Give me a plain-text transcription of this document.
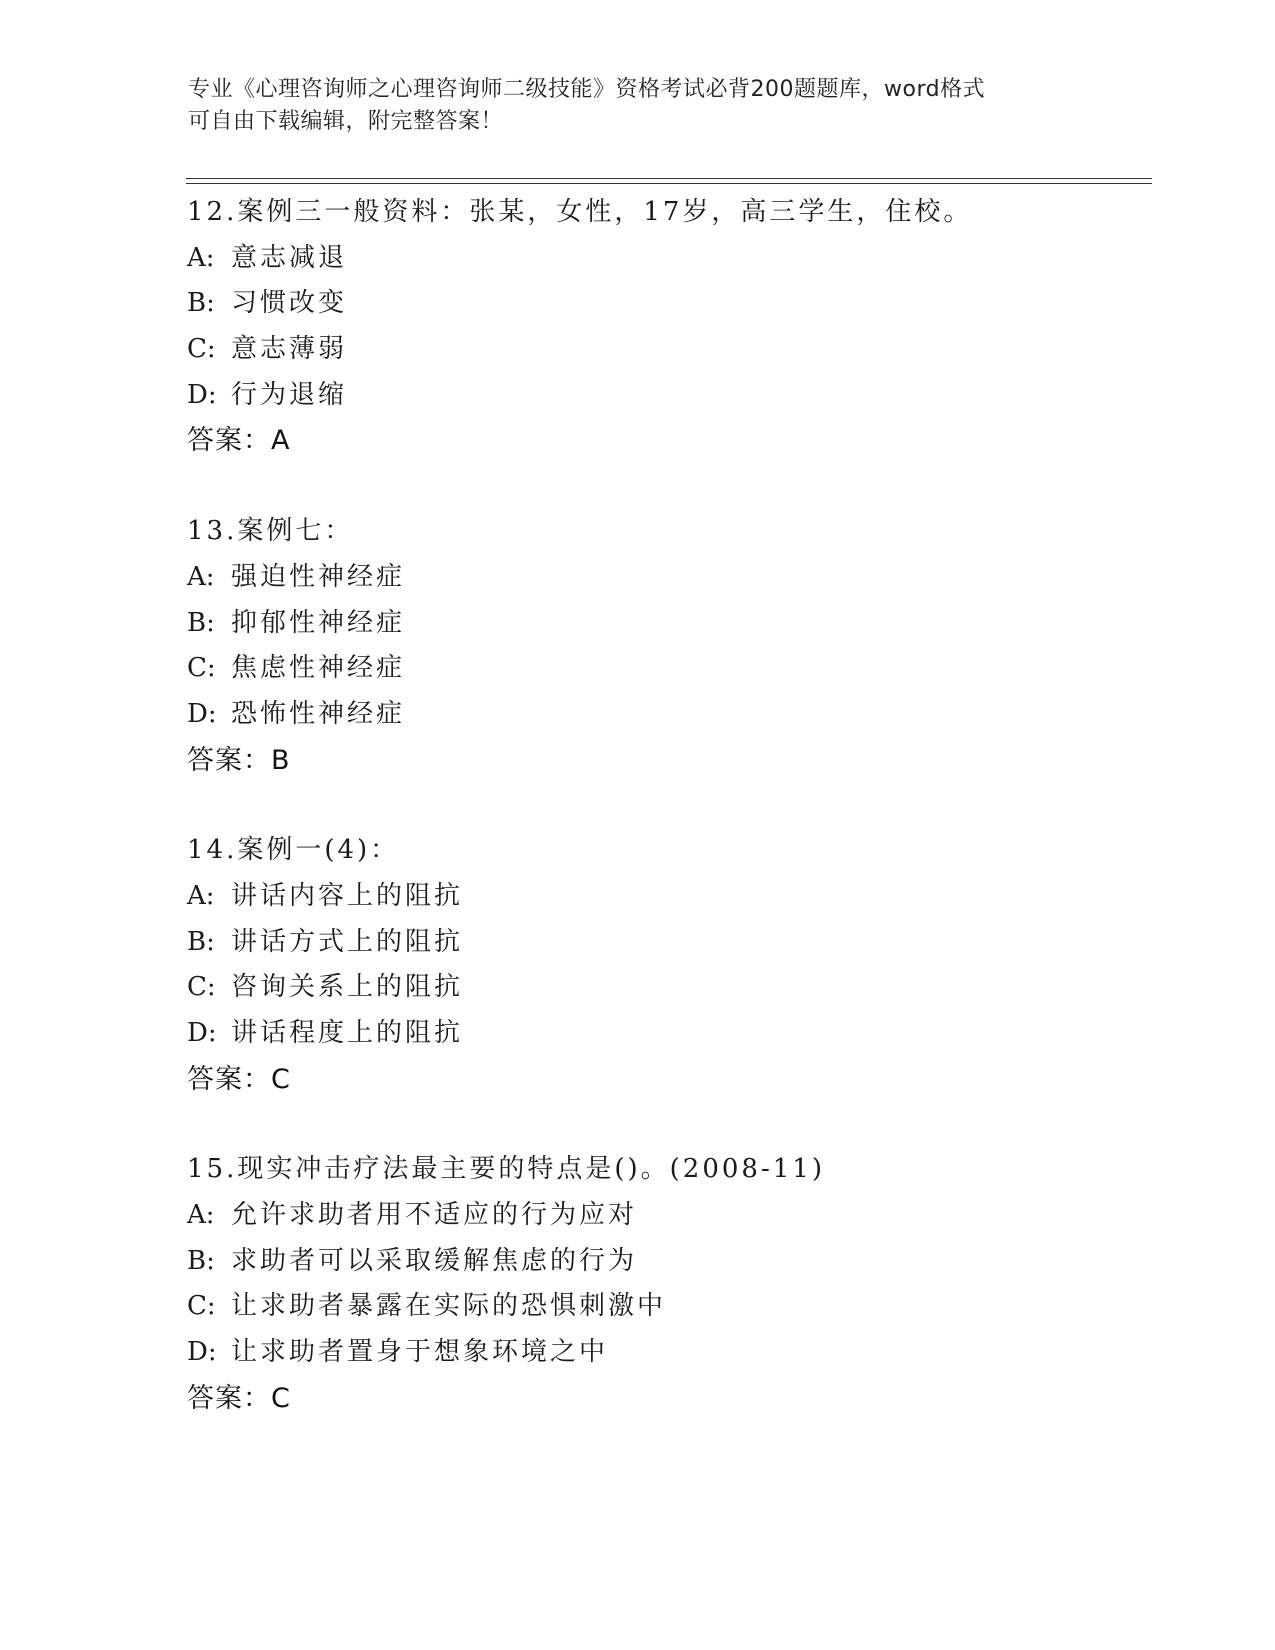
专业《心理咨询师之心理咨询师二级技能》资格考试必背200题题库，word格式
可自由下载编辑，附完整答案！
12.案例三一般资料：张某，女性，17岁，高三学生，住校。
A: 意志减退
B: 习惯改变
C: 意志薄弱
D: 行为退缩
答案：A
13.案例七：
A: 强迫性神经症
B: 抑郁性神经症
C: 焦虑性神经症
D: 恐怖性神经症
答案：B
14.案例一(4)：
A: 讲话内容上的阻抗
B: 讲话方式上的阻抗
C: 咨询关系上的阻抗
D: 讲话程度上的阻抗
答案：C
15.现实冲击疗法最主要的特点是()。(2008-11)
A: 允许求助者用不适应的行为应对
B: 求助者可以采取缓解焦虑的行为
C: 让求助者暴露在实际的恐惧刺激中
D: 让求助者置身于想象环境之中
答案：C
